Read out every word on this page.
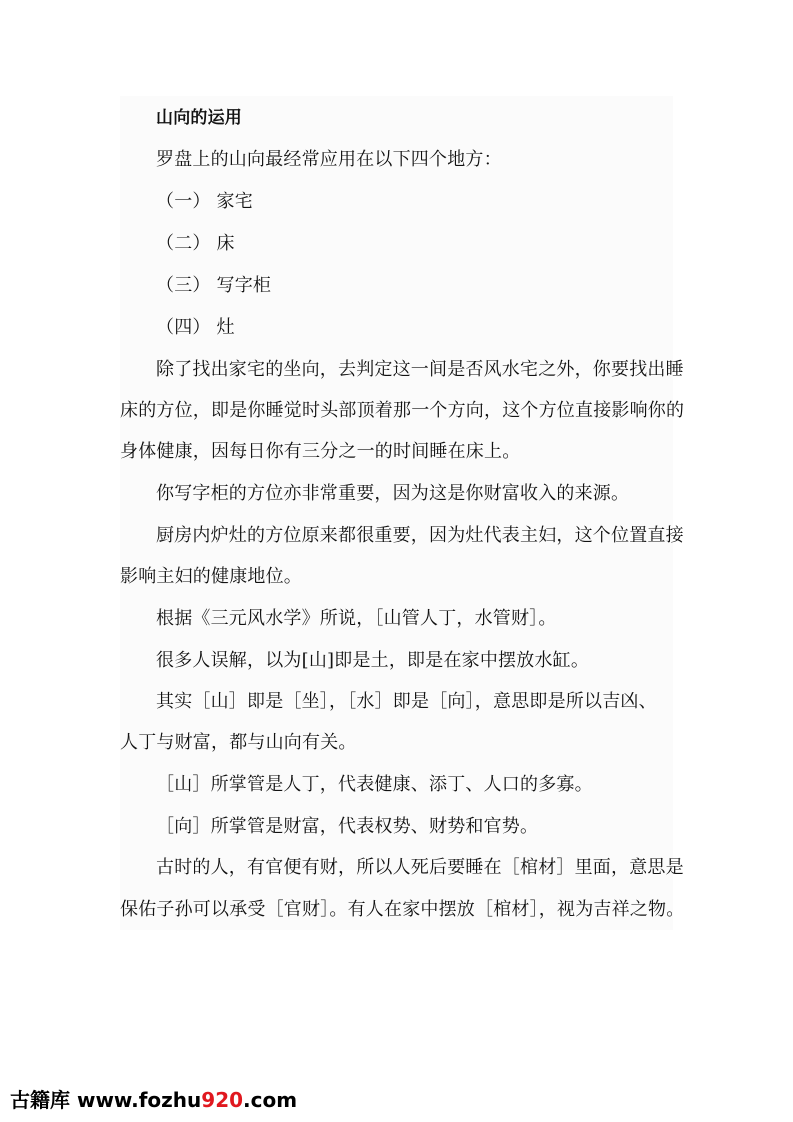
山向的运用
罗盘上的山向最经常应用在以下四个地方：
（一） 家宅
（二） 床
（三） 写字柜
（四） 灶
除了找出家宅的坐向，去判定这一间是否风水宅之外，你要找出睡
床的方位，即是你睡觉时头部顶着那一个方向，这个方位直接影响你的
身体健康，因每日你有三分之一的时间睡在床上。
你写字柜的方位亦非常重要，因为这是你财富收入的来源。
厨房内炉灶的方位原来都很重要，因为灶代表主妇，这个位置直接
影响主妇的健康地位。
根据《三元风水学》所说，［山管人丁，水管财］。
很多人误解，以为[山]即是土，即是在家中摆放水缸。
其实［山］即是［坐］，［水］即是［向］，意思即是所以吉凶、
人丁与财富，都与山向有关。
［山］所掌管是人丁，代表健康、添丁、人口的多寡。
［向］所掌管是财富，代表权势、财势和官势。
古时的人，有官便有财，所以人死后要睡在［棺材］里面，意思是
保佑子孙可以承受［官财］。有人在家中摆放［棺材］，视为吉祥之物。
古籍库 www.fozhu920.com
